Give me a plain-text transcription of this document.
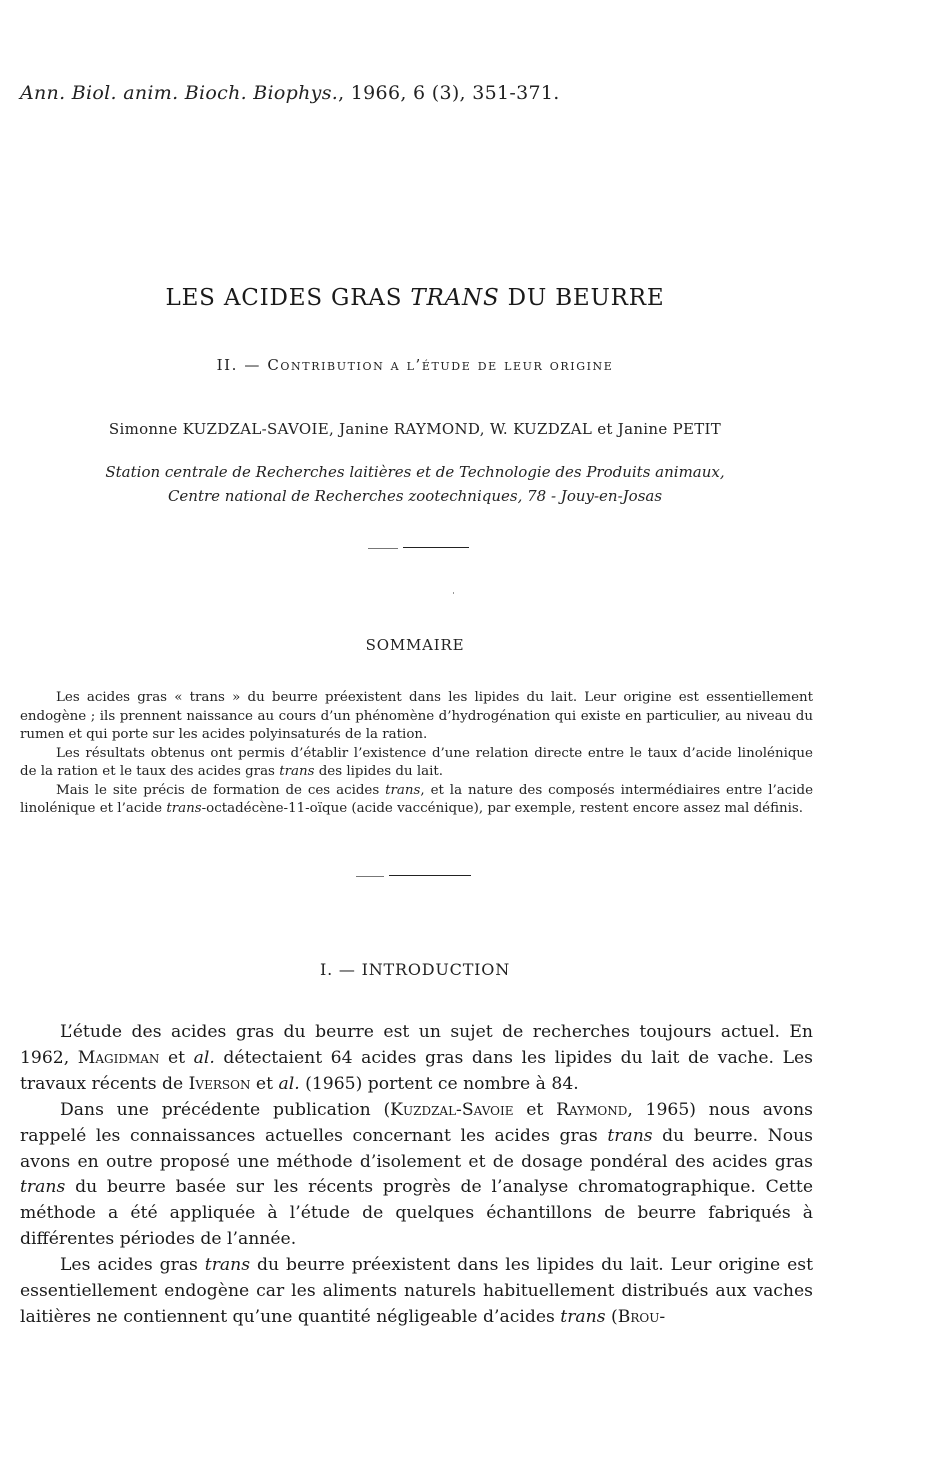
Ann. Biol. anim. Bioch. Biophys., 1966, 6 (3), 351-371.
LES ACIDES GRAS TRANS DU BEURRE
II. — Contribution a l’étude de leur origine
Simonne KUZDZAL-SAVOIE, Janine RAYMOND, W. KUZDZAL et Janine PETIT
Station centrale de Recherches laitières et de Technologie des Produits animaux,
Centre national de Recherches zootechniques, 78 - Jouy-en-Josas
SOMMAIRE

Les acides gras « trans » du beurre préexistent dans les lipides du lait. Leur origine est essentiellement endogène ; ils prennent naissance au cours d’un phénomène d’hydrogénation qui existe en particulier, au niveau du rumen et qui porte sur les acides polyinsaturés de la ration.

Les résultats obtenus ont permis d’établir l’existence d’une relation directe entre le taux d’acide linolénique de la ration et le taux des acides gras trans des lipides du lait.

Mais le site précis de formation de ces acides trans, et la nature des composés intermédiaires entre l’acide linolénique et l’acide trans-octadécène-11-oïque (acide vaccénique), par exemple, restent encore assez mal définis.

I. — INTRODUCTION

L’étude des acides gras du beurre est un sujet de recherches toujours actuel. En 1962, Magidman et al. détectaient 64 acides gras dans les lipides du lait de vache. Les travaux récents de Iverson et al. (1965) portent ce nombre à 84.

Dans une précédente publication (Kuzdzal-Savoie et Raymond, 1965) nous avons rappelé les connaissances actuelles concernant les acides gras trans du beurre. Nous avons en outre proposé une méthode d’isolement et de dosage pondéral des acides gras trans du beurre basée sur les récents progrès de l’analyse chromatographique. Cette méthode a été appliquée à l’étude de quelques échantillons de beurre fabriqués à différentes périodes de l’année.

Les acides gras trans du beurre préexistent dans les lipides du lait. Leur origine est essentiellement endogène car les aliments naturels habituellement distribués aux vaches laitières ne contiennent qu’une quantité négligeable d’acides trans (Brou-
